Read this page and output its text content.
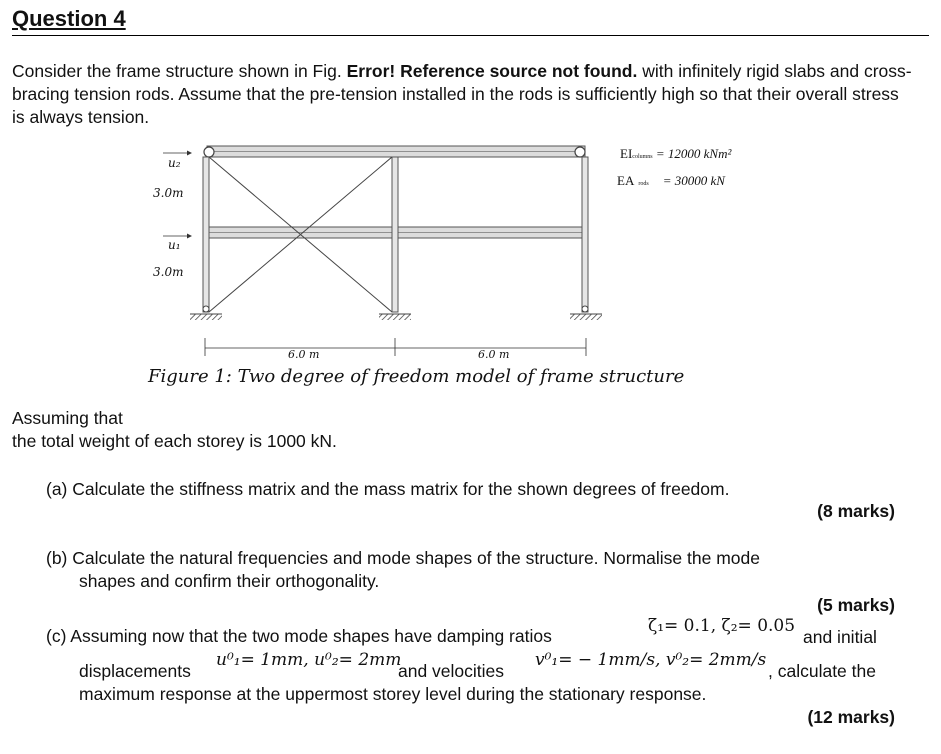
Question 4
Consider the frame structure shown in Fig. Error! Reference source not found. with infinitely rigid slabs and cross-bracing tension rods. Assume that the pre-tension installed in the rods is sufficiently high so that their overall stress is always tension.
u₂
u₁
3.0m
3.0m
6.0 m	6.0 m
EIcolumns = 12000 kNm²
EA rods = 30000 kN
Figure 1: Two degree of freedom model of frame structure
Assuming that
the total weight of each storey is 1000 kN.
(a) Calculate the stiffness matrix and the mass matrix for the shown degrees of freedom.
(8 marks)
(b) Calculate the natural frequencies and mode shapes of the structure. Normalise the mode
shapes and confirm their orthogonality.
(5 marks)
(c) Assuming now that the two mode shapes have damping ratios	ζ₁= 0.1, ζ₂= 0.05
and initial
displacements
u⁰₁= 1mm, u⁰₂= 2mm
and velocities
v⁰₁= − 1mm/s, v⁰₂= 2mm/s
, calculate the
maximum response at the uppermost storey level during the stationary response.
(12 marks)
